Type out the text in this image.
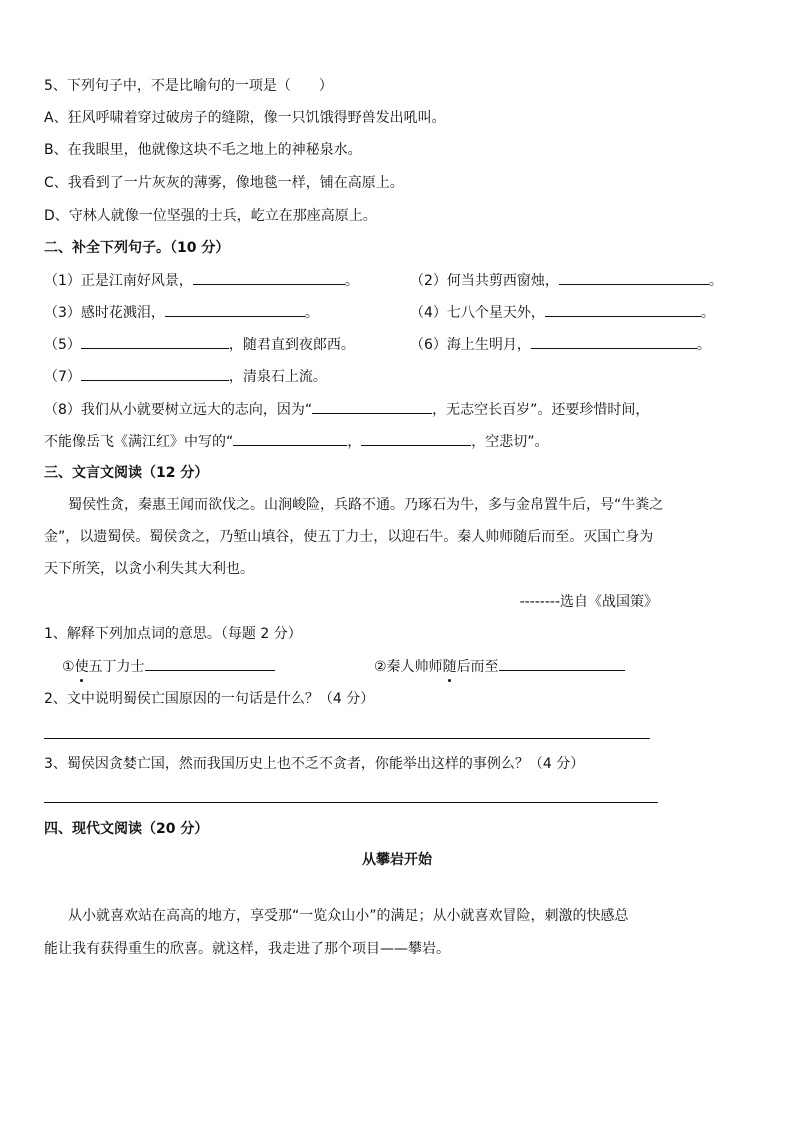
5、下列句子中，不是比喻句的一项是（　　）
A、狂风呼啸着穿过破房子的缝隙，像一只饥饿得野兽发出吼叫。
B、在我眼里，他就像这块不毛之地上的神秘泉水。
C、我看到了一片灰灰的薄雾，像地毯一样，铺在高原上。
D、守林人就像一位坚强的士兵，屹立在那座高原上。
二、补全下列句子。（10 分）
（1）正是江南好风景，	。	（2）何当共剪西窗烛，	。
（3）感时花溅泪，	。	（4）七八个星天外，	。
（5）	，随君直到夜郎西。	（6）海上生明月，	。
（7）	，清泉石上流。
（8）我们从小就要树立远大的志向，因为“	，无志空长百岁”。还要珍惜时间，
不能像岳飞《满江红》中写的“	，	，空悲切”。
三、文言文阅读（12 分）
蜀侯性贪，秦惠王闻而欲伐之。山涧峻险，兵路不通。乃琢石为牛，多与金帛置牛后，号“牛粪之
金”，以遗蜀侯。蜀侯贪之，乃堑山填谷，使五丁力士，以迎石牛。秦人帅师随后而至。灭国亡身为
天下所笑，以贪小利失其大利也。
--------选自《战国策》
1、解释下列加点词的意思。（每题 2 分）
①使五丁力士	②秦人帅师随后而至
2、文中说明蜀侯亡国原因的一句话是什么？（4 分）
3、蜀侯因贪婪亡国，然而我国历史上也不乏不贪者，你能举出这样的事例么？（4 分）
四、现代文阅读（20 分）
从攀岩开始
从小就喜欢站在高高的地方，享受那“一览众山小”的满足；从小就喜欢冒险，刺激的快感总
能让我有获得重生的欣喜。就这样，我走进了那个项目——攀岩。
